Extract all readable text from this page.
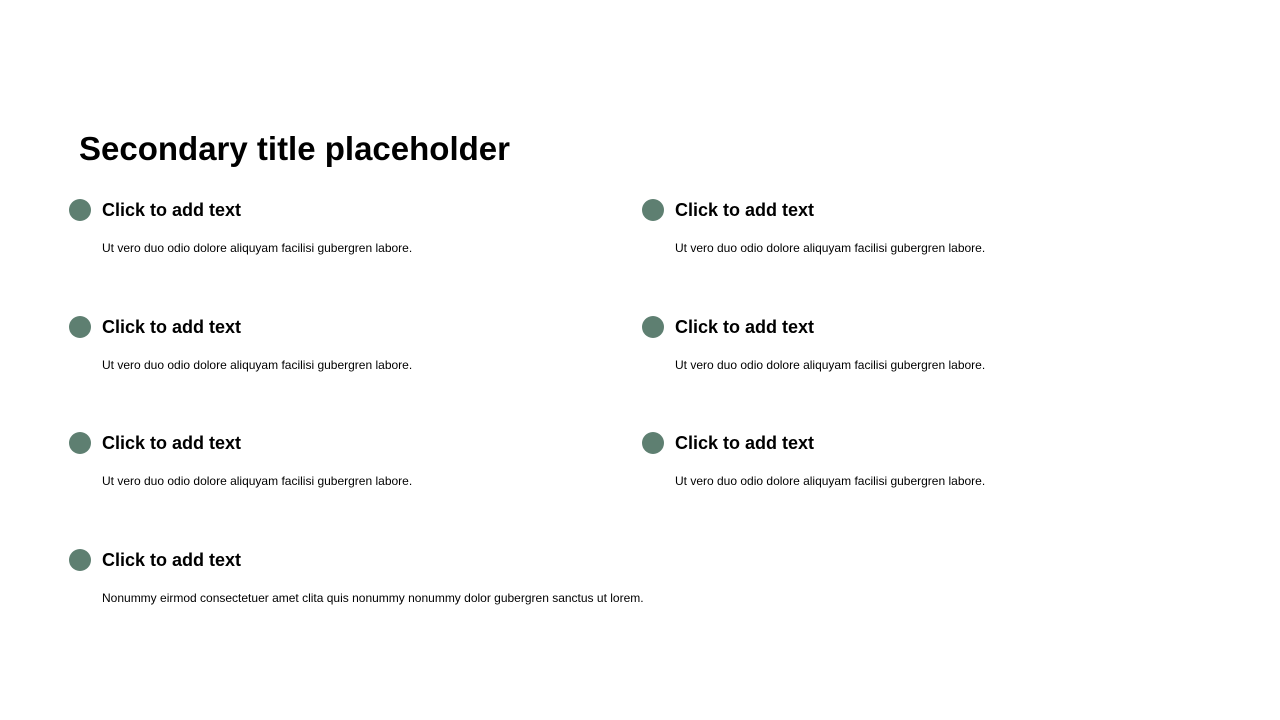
Secondary title placeholder
Click to add text
Ut vero duo odio dolore aliquyam facilisi gubergren labore.
Click to add text
Ut vero duo odio dolore aliquyam facilisi gubergren labore.
Click to add text
Ut vero duo odio dolore aliquyam facilisi gubergren labore.
Click to add text
Ut vero duo odio dolore aliquyam facilisi gubergren labore.
Click to add text
Ut vero duo odio dolore aliquyam facilisi gubergren labore.
Click to add text
Ut vero duo odio dolore aliquyam facilisi gubergren labore.
Click to add text
Nonummy eirmod consectetuer amet clita quis nonummy nonummy dolor gubergren sanctus ut lorem.
